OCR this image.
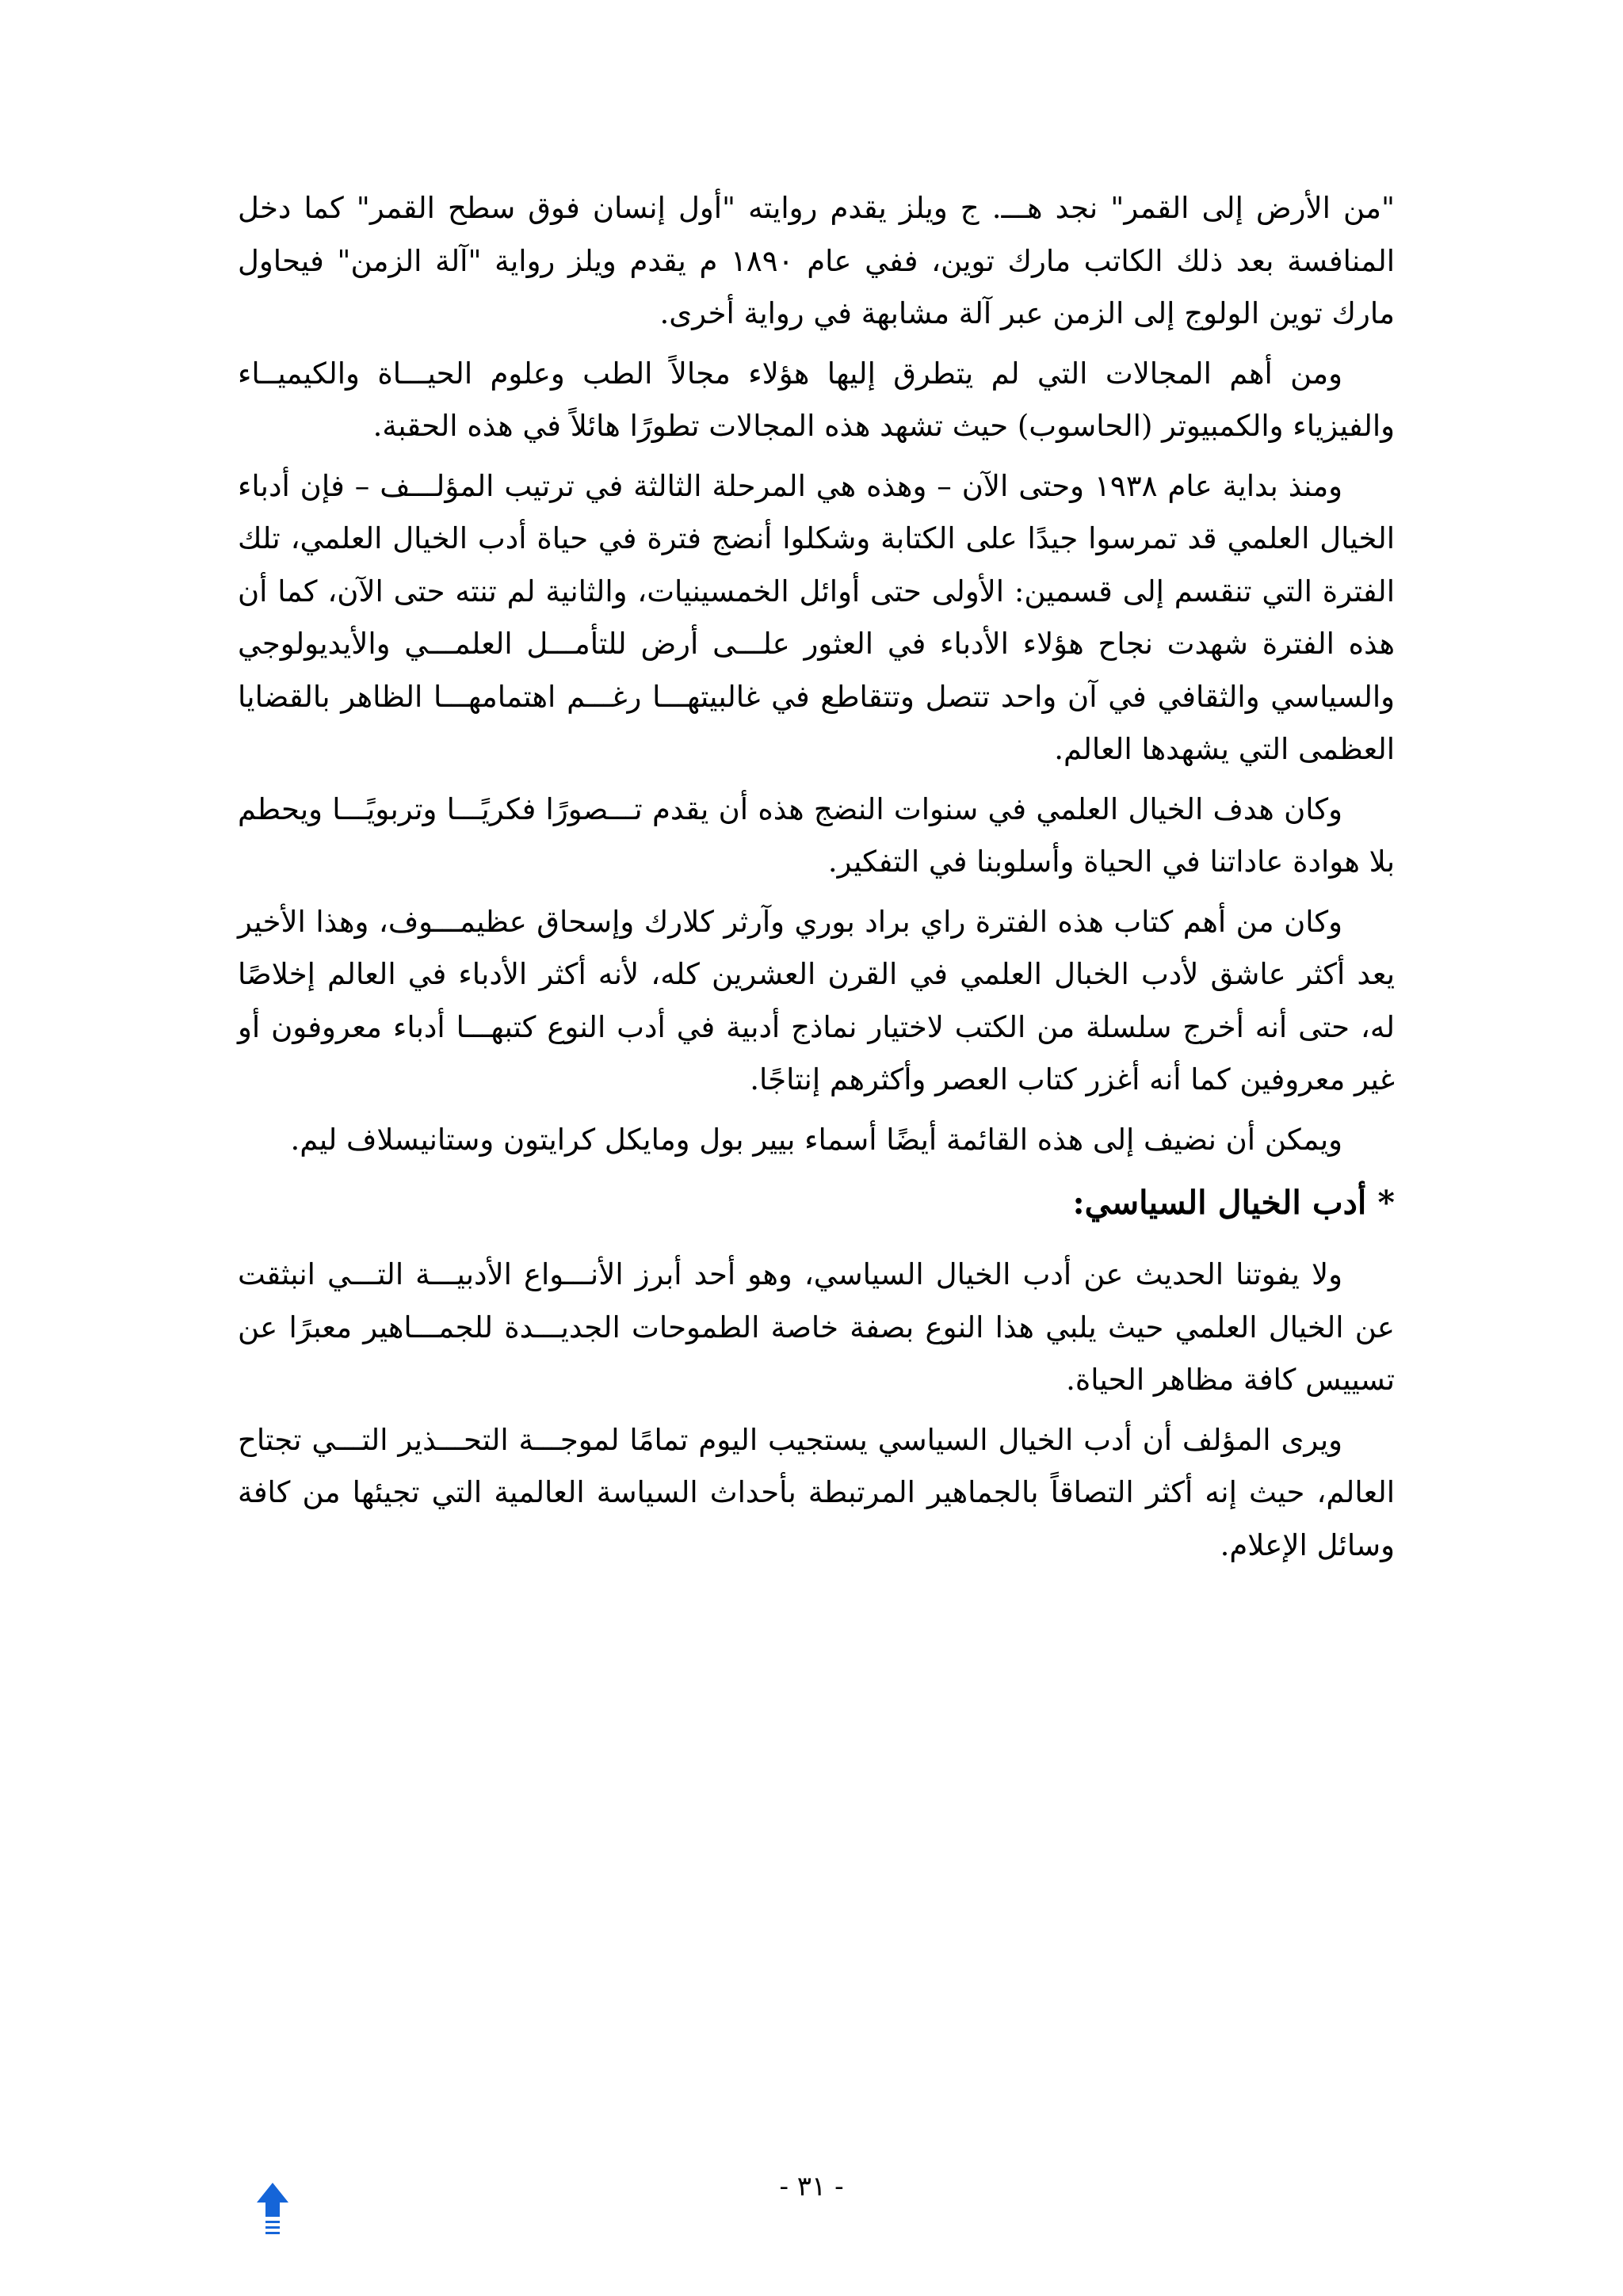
"من الأرض إلى القمر" نجد هـــ. ج ويلز يقدم روايته "أول إنسان فوق سطح القمر" كما دخل المنافسة بعد ذلك الكاتب مارك توين، ففي عام ١٨٩٠ م يقدم ويلز رواية "آلة الزمن" فيحاول مارك توين الولوج إلى الزمن عبر آلة مشابهة في رواية أخرى.

ومن أهم المجالات التي لم يتطرق إليها هؤلاء مجالاً الطب وعلوم الحيـــاة والكيميــاء والفيزياء والكمبيوتر (الحاسوب) حيث تشهد هذه المجالات تطورًا هائلاً في هذه الحقبة.

ومنذ بداية عام ١٩٣٨ وحتى الآن – وهذه هي المرحلة الثالثة في ترتيب المؤلـــف – فإن أدباء الخيال العلمي قد تمرسوا جيدًا على الكتابة وشكلوا أنضج فترة في حياة أدب الخيال العلمي، تلك الفترة التي تنقسم إلى قسمين: الأولى حتى أوائل الخمسينيات، والثانية لم تنته حتى الآن، كما أن هذه الفترة شهدت نجاح هؤلاء الأدباء في العثور علـــى أرض للتأمـــل العلمـــي والأيديولوجي والسياسي والثقافي في آن واحد تتصل وتتقاطع في غالبيتهـــا رغـــم اهتمامهـــا الظاهر بالقضايا العظمى التي يشهدها العالم.

وكان هدف الخيال العلمي في سنوات النضج هذه أن يقدم تـــصورًا فكريًـــا وتربويًـــا ويحطم بلا هوادة عاداتنا في الحياة وأسلوبنا في التفكير.

وكان من أهم كتاب هذه الفترة راي براد بوري وآرثر كلارك وإسحاق عظيمـــوف، وهذا الأخير يعد أكثر عاشق لأدب الخبال العلمي في القرن العشرين كله، لأنه أكثر الأدباء في العالم إخلاصًا له، حتى أنه أخرج سلسلة من الكتب لاختيار نماذج أدبية في أدب النوع كتبهـــا أدباء معروفون أو غير معروفين كما أنه أغزر كتاب العصر وأكثرهم إنتاجًا.

ويمكن أن نضيف إلى هذه القائمة أيضًا أسماء بيير بول ومايكل كرايتون وستانيسلاف ليم.

* أدب الخيال السياسي:

ولا يفوتنا الحديث عن أدب الخيال السياسي، وهو أحد أبرز الأنـــواع الأدبيـــة التـــي انبثقت عن الخيال العلمي حيث يلبي هذا النوع بصفة خاصة الطموحات الجديـــدة للجمـــاهير معبرًا عن تسييس كافة مظاهر الحياة.

ويرى المؤلف أن أدب الخيال السياسي يستجيب اليوم تمامًا لموجـــة التحـــذير التـــي تجتاح العالم، حيث إنه أكثر التصاقاً بالجماهير المرتبطة بأحداث السياسة العالمية التي تجيئها من كافة وسائل الإعلام.

- ٣١ -
